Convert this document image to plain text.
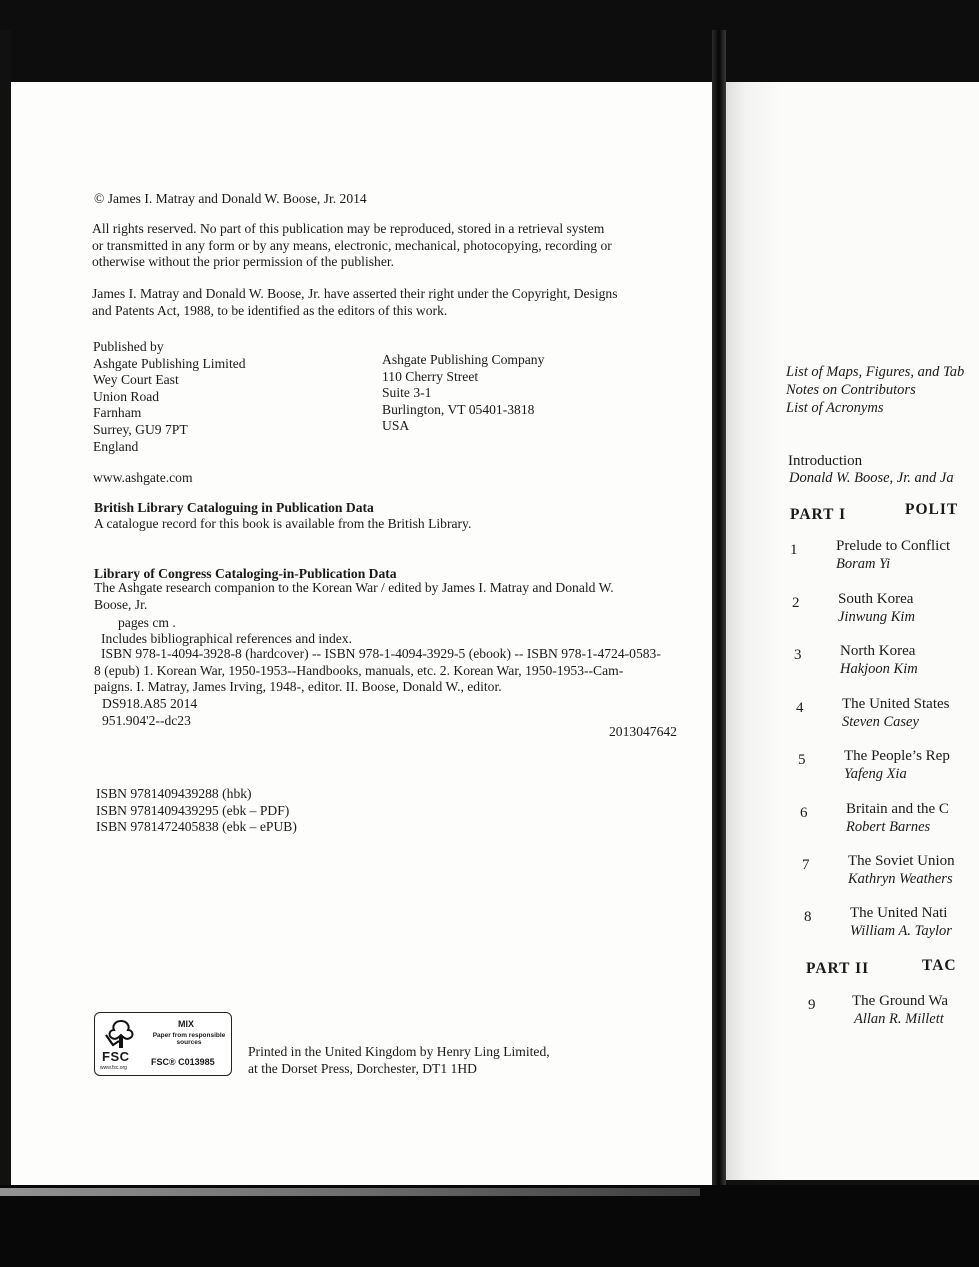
© James I. Matray and Donald W. Boose, Jr. 2014
All rights reserved. No part of this publication may be reproduced, stored in a retrieval system
or transmitted in any form or by any means, electronic, mechanical, photocopying, recording or
otherwise without the prior permission of the publisher.
James I. Matray and Donald W. Boose, Jr. have asserted their right under the Copyright, Designs
and Patents Act, 1988, to be identified as the editors of this work.
Published by
Ashgate Publishing Limited
Wey Court East
Union Road
Farnham
Surrey, GU9 7PT
England
Ashgate Publishing Company
110 Cherry Street
Suite 3-1
Burlington, VT 05401-3818
USA
www.ashgate.com
British Library Cataloguing in Publication Data
A catalogue record for this book is available from the British Library.
Library of Congress Cataloging-in-Publication Data
The Ashgate research companion to the Korean War / edited by James I. Matray and Donald W.
Boose, Jr.
pages cm .
Includes bibliographical references and index.
ISBN 978-1-4094-3928-8 (hardcover) -- ISBN 978-1-4094-3929-5 (ebook) -- ISBN 978-1-4724-0583-
8 (epub) 1. Korean War, 1950-1953--Handbooks, manuals, etc. 2. Korean War, 1950-1953--Cam-
paigns. I. Matray, James Irving, 1948-, editor. II. Boose, Donald W., editor.
DS918.A85 2014
951.904'2--dc23
2013047642
ISBN 9781409439288 (hbk)
ISBN 9781409439295 (ebk – PDF)
ISBN 9781472405838 (ebk – ePUB)
FSC
www.fsc.org
MIX
Paper from responsible sources
FSC® C013985
Printed in the United Kingdom by Henry Ling Limited,
at the Dorset Press, Dorchester, DT1 1HD
List of Maps, Figures, and Tab
Notes on Contributors
List of Acronyms
Introduction
Donald W. Boose, Jr. and Ja
PART I	POLIT
1	Prelude to Conflict
Boram Yi
2	South Korea
Jinwung Kim
3	North Korea
Hakjoon Kim
4	The United States
Steven Casey
5	The People’s Rep
Yafeng Xia
6	Britain and the C
Robert Barnes
7	The Soviet Union
Kathryn Weathers
8	The United Nati
William A. Taylor
PART II	TAC
9 The Ground Wa
Allan R. Millett
